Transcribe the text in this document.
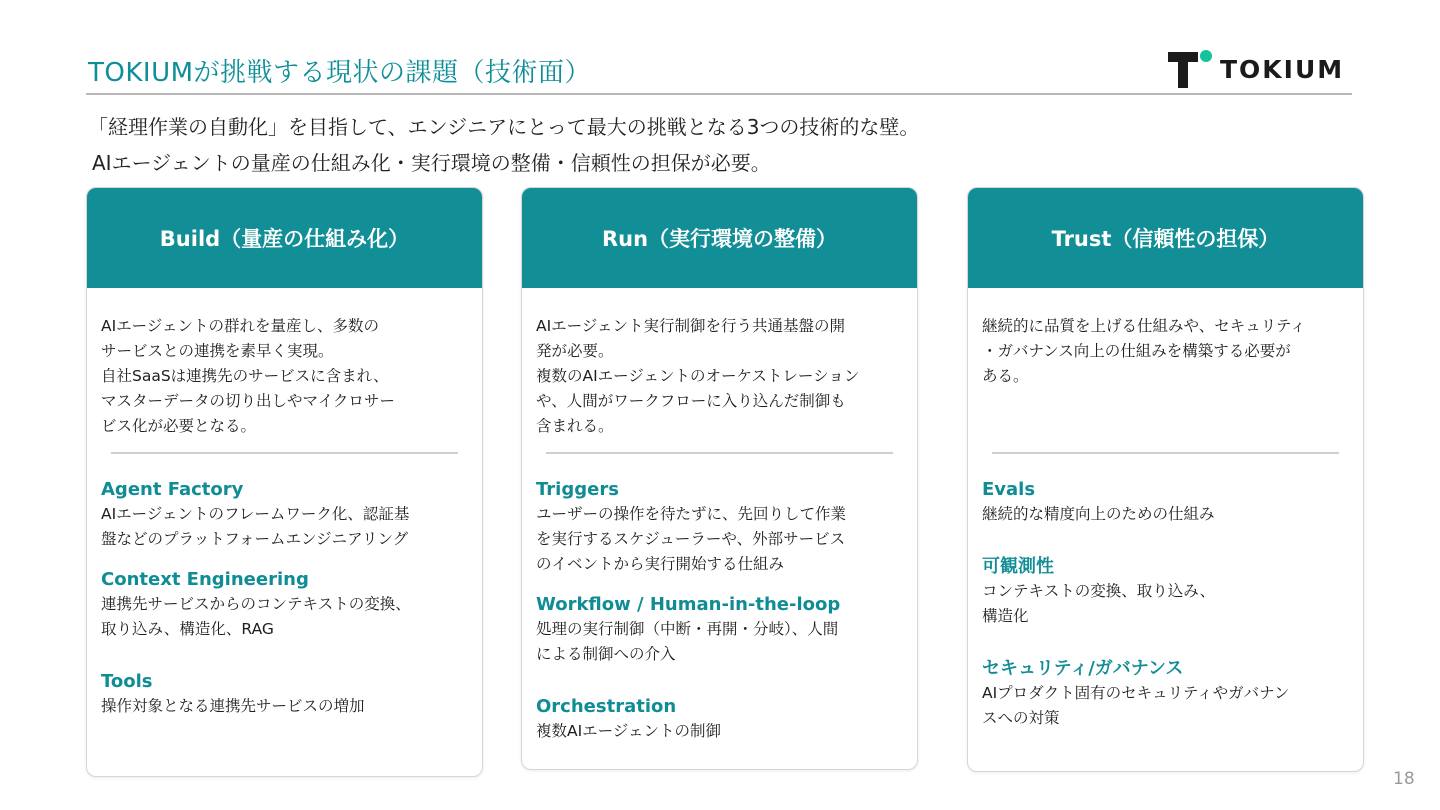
TOKIUMが挑戦する現状の課題（技術面）	TOKIUM
「経理作業の自動化」を目指して、エンジニアにとって最大の挑戦となる3つの技術的な壁。
AIエージェントの量産の仕組み化・実行環境の整備・信頼性の担保が必要。
Build（量産の仕組み化）
AIエージェントの群れを量産し、多数の
サービスとの連携を素早く実現。
自社SaaSは連携先のサービスに含まれ、
マスターデータの切り出しやマイクロサー
ビス化が必要となる。
Agent Factory

AIエージェントのフレームワーク化、認証基
盤などのプラットフォームエンジニアリング

Context Engineering

連携先サービスからのコンテキストの変換、
取り込み、構造化、RAG

Tools

操作対象となる連携先サービスの増加

Run（実行環境の整備）
AIエージェント実行制御を行う共通基盤の開
発が必要。
複数のAIエージェントのオーケストレーション
や、人間がワークフローに入り込んだ制御も
含まれる。
Triggers

ユーザーの操作を待たずに、先回りして作業
を実行するスケジューラーや、外部サービス
のイベントから実行開始する仕組み

Workflow / Human-in-the-loop

処理の実行制御（中断・再開・分岐）、人間
による制御への介入

Orchestration

複数AIエージェントの制御

Trust（信頼性の担保）
継続的に品質を上げる仕組みや、セキュリティ
・ガバナンス向上の仕組みを構築する必要が
ある。
Evals

継続的な精度向上のための仕組み

可観測性

コンテキストの変換、取り込み、
構造化

セキュリティ/ガバナンス

AIプロダクト固有のセキュリティやガバナン
スへの対策

18
